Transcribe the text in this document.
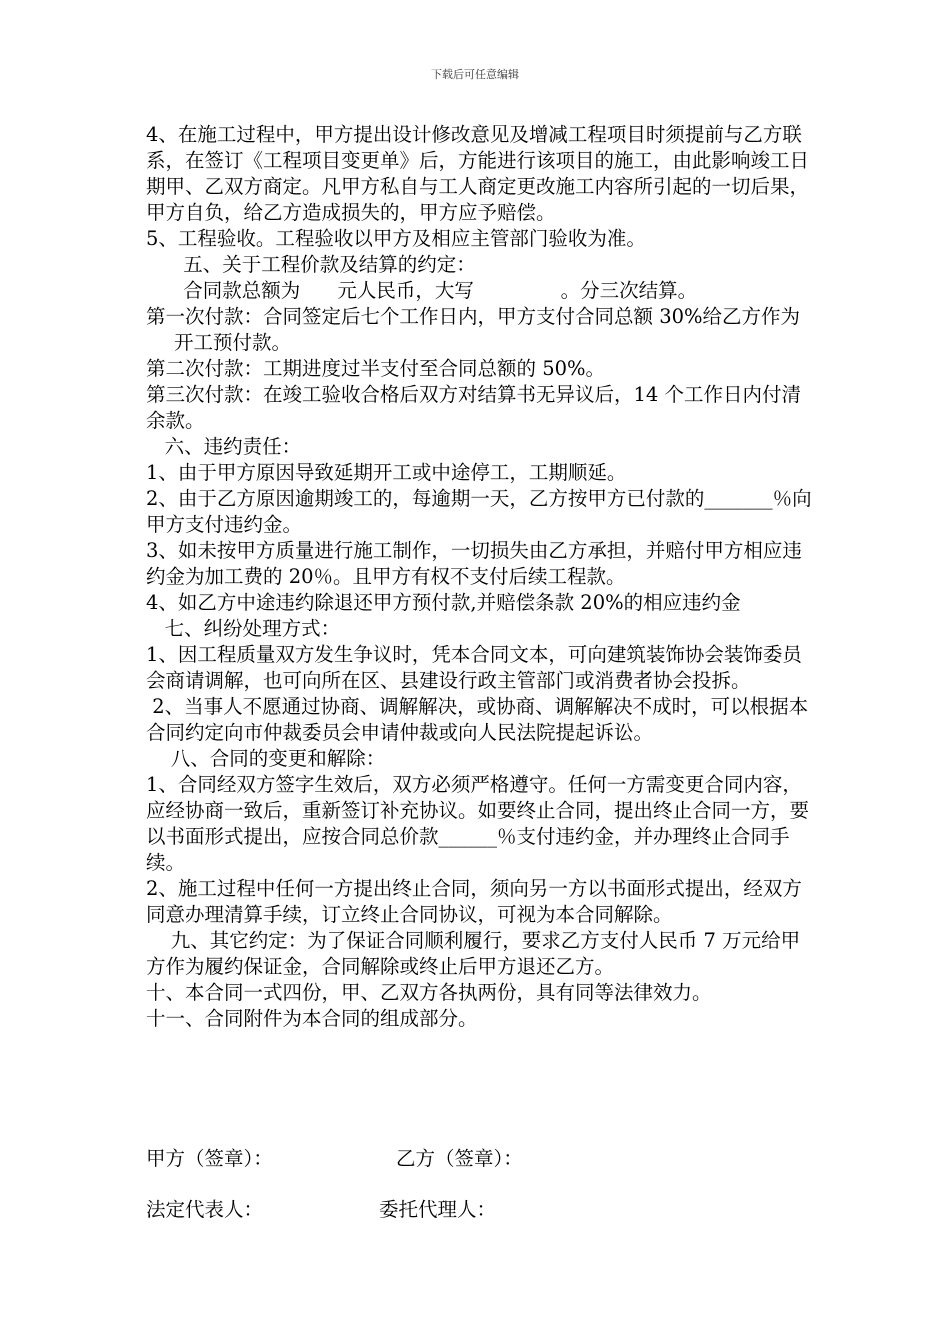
下载后可任意编辑

4、在施工过程中，甲方提出设计修改意见及增减工程项目时须提前与乙方联系，在签订《工程项目变更单》后，方能进行该项目的施工，由此影响竣工日期甲、乙双方商定。凡甲方私自与工人商定更改施工内容所引起的一切后果，甲方自负，给乙方造成损失的，甲方应予赔偿。

5、工程验收。工程验收以甲方及相应主管部门验收为准。

五、关于工程价款及结算的约定：

合同款总额为      元人民币，大写              。分三次结算。

第一次付款：合同签定后七个工作日内，甲方支付合同总额 30%给乙方作为开工预付款。

第二次付款：工期进度过半支付至合同总额的 50%。

第三次付款：在竣工验收合格后双方对结算书无异议后，14 个工作日内付清余款。

六、违约责任：

1、由于甲方原因导致延期开工或中途停工，工期顺延。

2、由于乙方原因逾期竣工的，每逾期一天，乙方按甲方已付款的_______％向甲方支付违约金。

3、如未按甲方质量进行施工制作，一切损失由乙方承担，并赔付甲方相应违约金为加工费的 20％。且甲方有权不支付后续工程款。

4、如乙方中途违约除退还甲方预付款,并赔偿条款 20%的相应违约金

七、纠纷处理方式：

1、因工程质量双方发生争议时，凭本合同文本，可向建筑装饰协会装饰委员会商请调解，也可向所在区、县建设行政主管部门或消费者协会投拆。

2、当事人不愿通过协商、调解解决，或协商、调解解决不成时，可以根据本合同约定向市仲裁委员会申请仲裁或向人民法院提起诉讼。

八、合同的变更和解除：

1、合同经双方签字生效后，双方必须严格遵守。任何一方需变更合同内容，应经协商一致后，重新签订补充协议。如要终止合同，提出终止合同一方，要以书面形式提出，应按合同总价款______％支付违约金，并办理终止合同手续。

2、施工过程中任何一方提出终止合同，须向另一方以书面形式提出，经双方同意办理清算手续，订立终止合同协议，可视为本合同解除。

九、其它约定：为了保证合同顺利履行，要求乙方支付人民币 7 万元给甲方作为履约保证金，合同解除或终止后甲方退还乙方。

十、本合同一式四份，甲、乙双方各执两份，具有同等法律效力。

十一、合同附件为本合同的组成部分。

甲方（签章）：

	乙方（签章）：

法定代表人：

	委托代理人：
